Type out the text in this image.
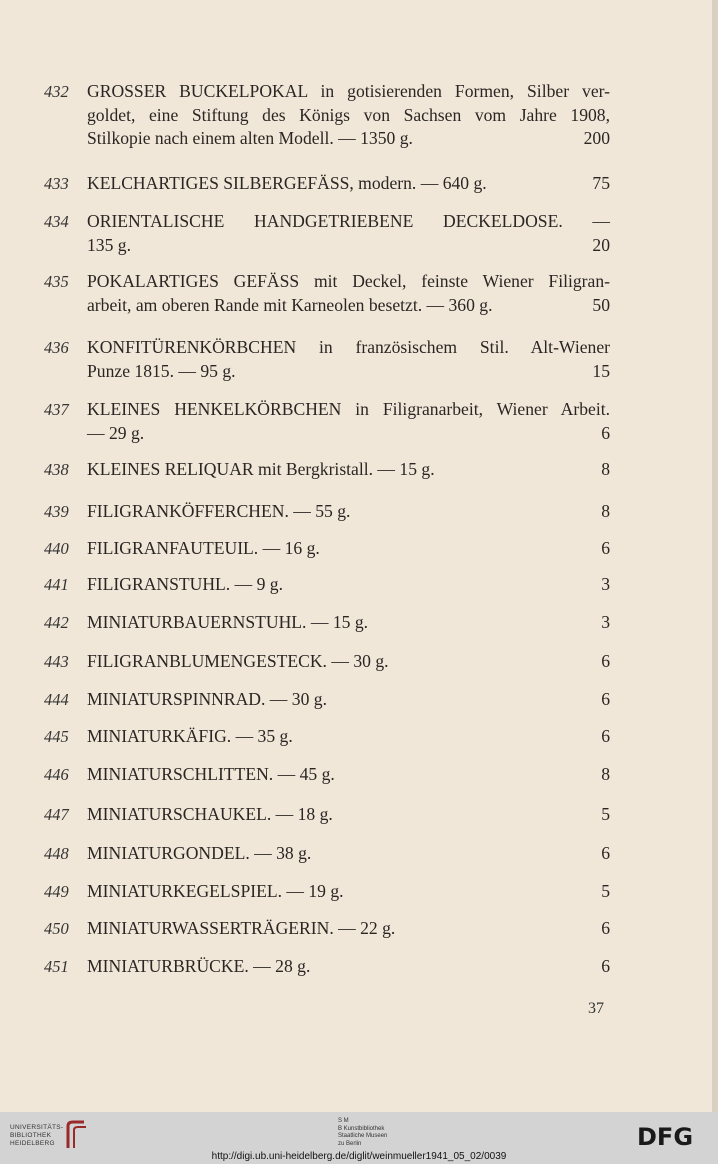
432 GROSSER BUCKELPOKAL in gotisierenden Formen, Silber ver-
goldet, eine Stiftung des Königs von Sachsen vom Jahre 1908,
Stilkopie nach einem alten Modell. — 1350 g.	200
433 KELCHARTIGES SILBERGEFÄSS, modern. — 640 g.	75
434 ORIENTALISCHE HANDGETRIEBENE DECKELDOSE. —
135 g.	20
435 POKALARTIGES GEFÄSS mit Deckel, feinste Wiener Filigran-
arbeit, am oberen Rande mit Karneolen besetzt. — 360 g.	50
436 KONFITÜRENKÖRBCHEN in französischem Stil. Alt-Wiener
Punze 1815. — 95 g.	15
437 KLEINES HENKELKÖRBCHEN in Filigranarbeit, Wiener Arbeit.
— 29 g.	6
438 KLEINES RELIQUAR mit Bergkristall. — 15 g.	8
439 FILIGRANKÖFFERCHEN. — 55 g.	8
440 FILIGRANFAUTEUIL. — 16 g.	6
441 FILIGRANSTUHL. — 9 g.	3
442 MINIATURBAUERNSTUHL. — 15 g.	3
443 FILIGRANBLUMENGESTECK. — 30 g.	6
444 MINIATURSPINNRAD. — 30 g.	6
445 MINIATURKÄFIG. — 35 g.	6
446 MINIATURSCHLITTEN. — 45 g.	8
447 MINIATURSCHAUKEL. — 18 g.	5
448 MINIATURGONDEL. — 38 g.	6
449 MINIATURKEGELSPIEL. — 19 g.	5
450 MINIATURWASSERTRÄGERIN. — 22 g.	6
451 MINIATURBRÜCKE. — 28 g.	6
37
UNIVERSITÄTS-
BIBLIOTHEK
HEIDELBERG
S M
B Kunstbibliothek
Staatliche Museen
zu Berlin	DFG
http://digi.ub.uni-heidelberg.de/diglit/weinmueller1941_05_02/0039
